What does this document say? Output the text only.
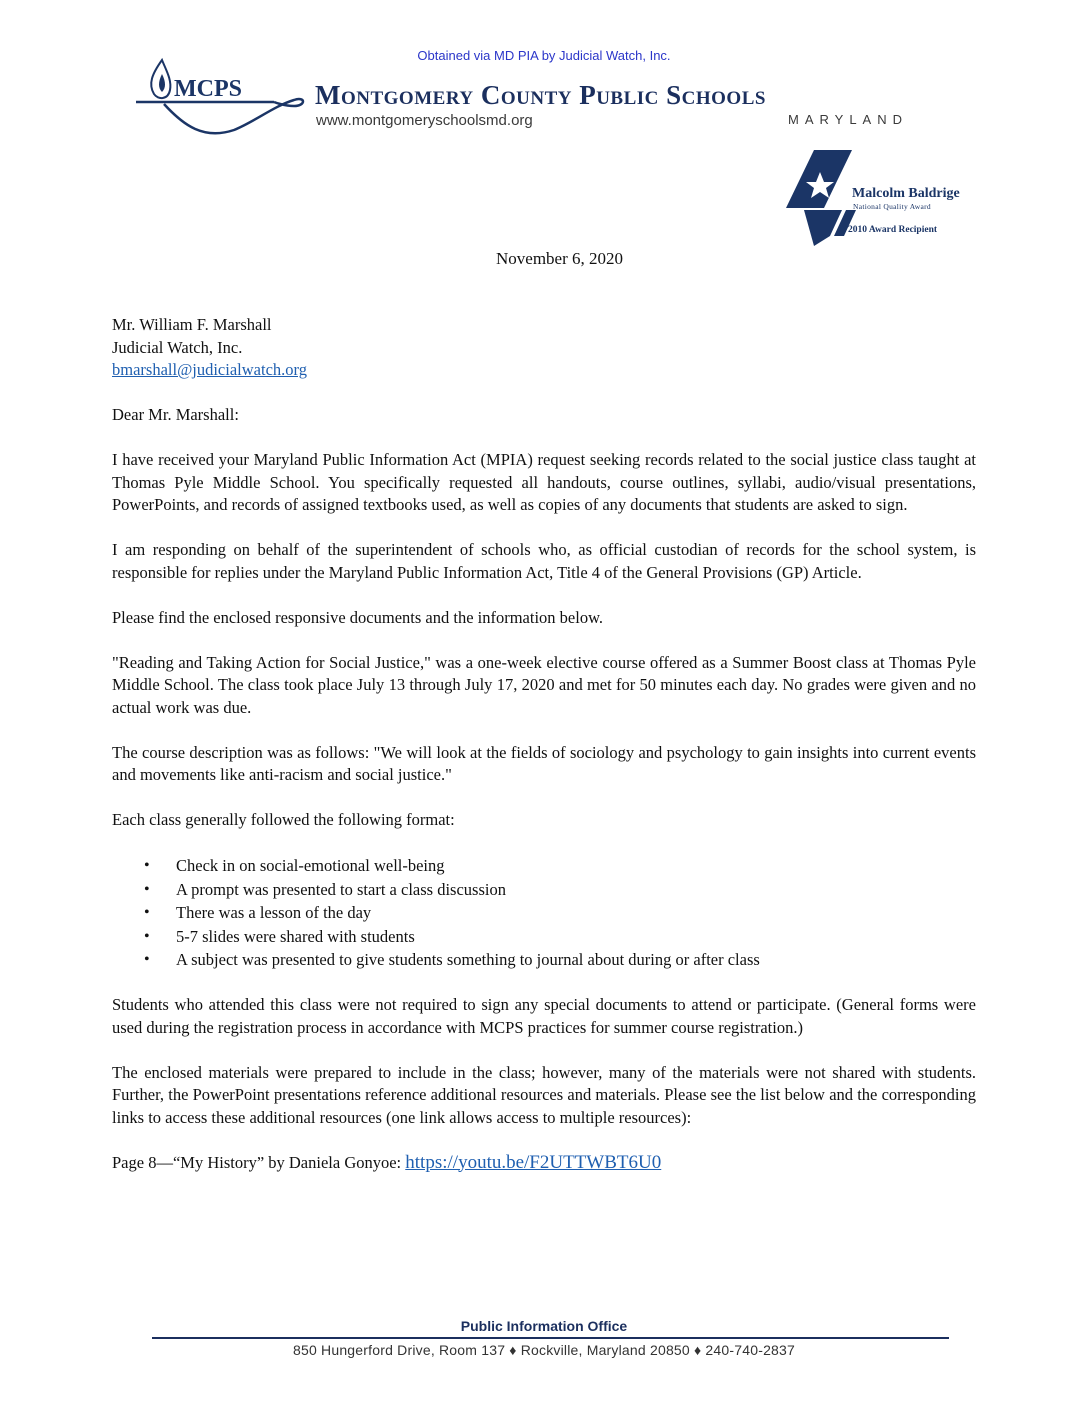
Obtained via MD PIA by Judicial Watch, Inc.
MCPS	Montgomery County Public Schools
www.montgomeryschoolsmd.org	MARYLAND
Malcolm Baldrige
National Quality Award
2010 Award Recipient
November 6, 2020
Mr. William F. Marshall
Judicial Watch, Inc.
bmarshall@judicialwatch.org

Dear Mr. Marshall:

I have received your Maryland Public Information Act (MPIA) request seeking records related to the social justice class taught at Thomas Pyle Middle School. You specifically requested all handouts, course outlines, syllabi, audio/visual presentations, PowerPoints, and records of assigned textbooks used, as well as copies of any documents that students are asked to sign.

I am responding on behalf of the superintendent of schools who, as official custodian of records for the school system, is responsible for replies under the Maryland Public Information Act, Title 4 of the General Provisions (GP) Article.

Please find the enclosed responsive documents and the information below.

"Reading and Taking Action for Social Justice," was a one-week elective course offered as a Summer Boost class at Thomas Pyle Middle School. The class took place July 13 through July 17, 2020 and met for 50 minutes each day. No grades were given and no actual work was due.

The course description was as follows: "We will look at the fields of sociology and psychology to gain insights into current events and movements like anti-racism and social justice."

Each class generally followed the following format:

• Check in on social-emotional well-being
• A prompt was presented to start a class discussion
• There was a lesson of the day
• 5-7 slides were shared with students
• A subject was presented to give students something to journal about during or after class

Students who attended this class were not required to sign any special documents to attend or participate. (General forms were used during the registration process in accordance with MCPS practices for summer course registration.)

The enclosed materials were prepared to include in the class; however, many of the materials were not shared with students. Further, the PowerPoint presentations reference additional resources and materials. Please see the list below and the corresponding links to access these additional resources (one link allows access to multiple resources):

Page 8—“My History” by Daniela Gonyoe: https://youtu.be/F2UTTWBT6U0
Public Information Office
850 Hungerford Drive, Room 137 ♦ Rockville, Maryland 20850 ♦ 240-740-2837
